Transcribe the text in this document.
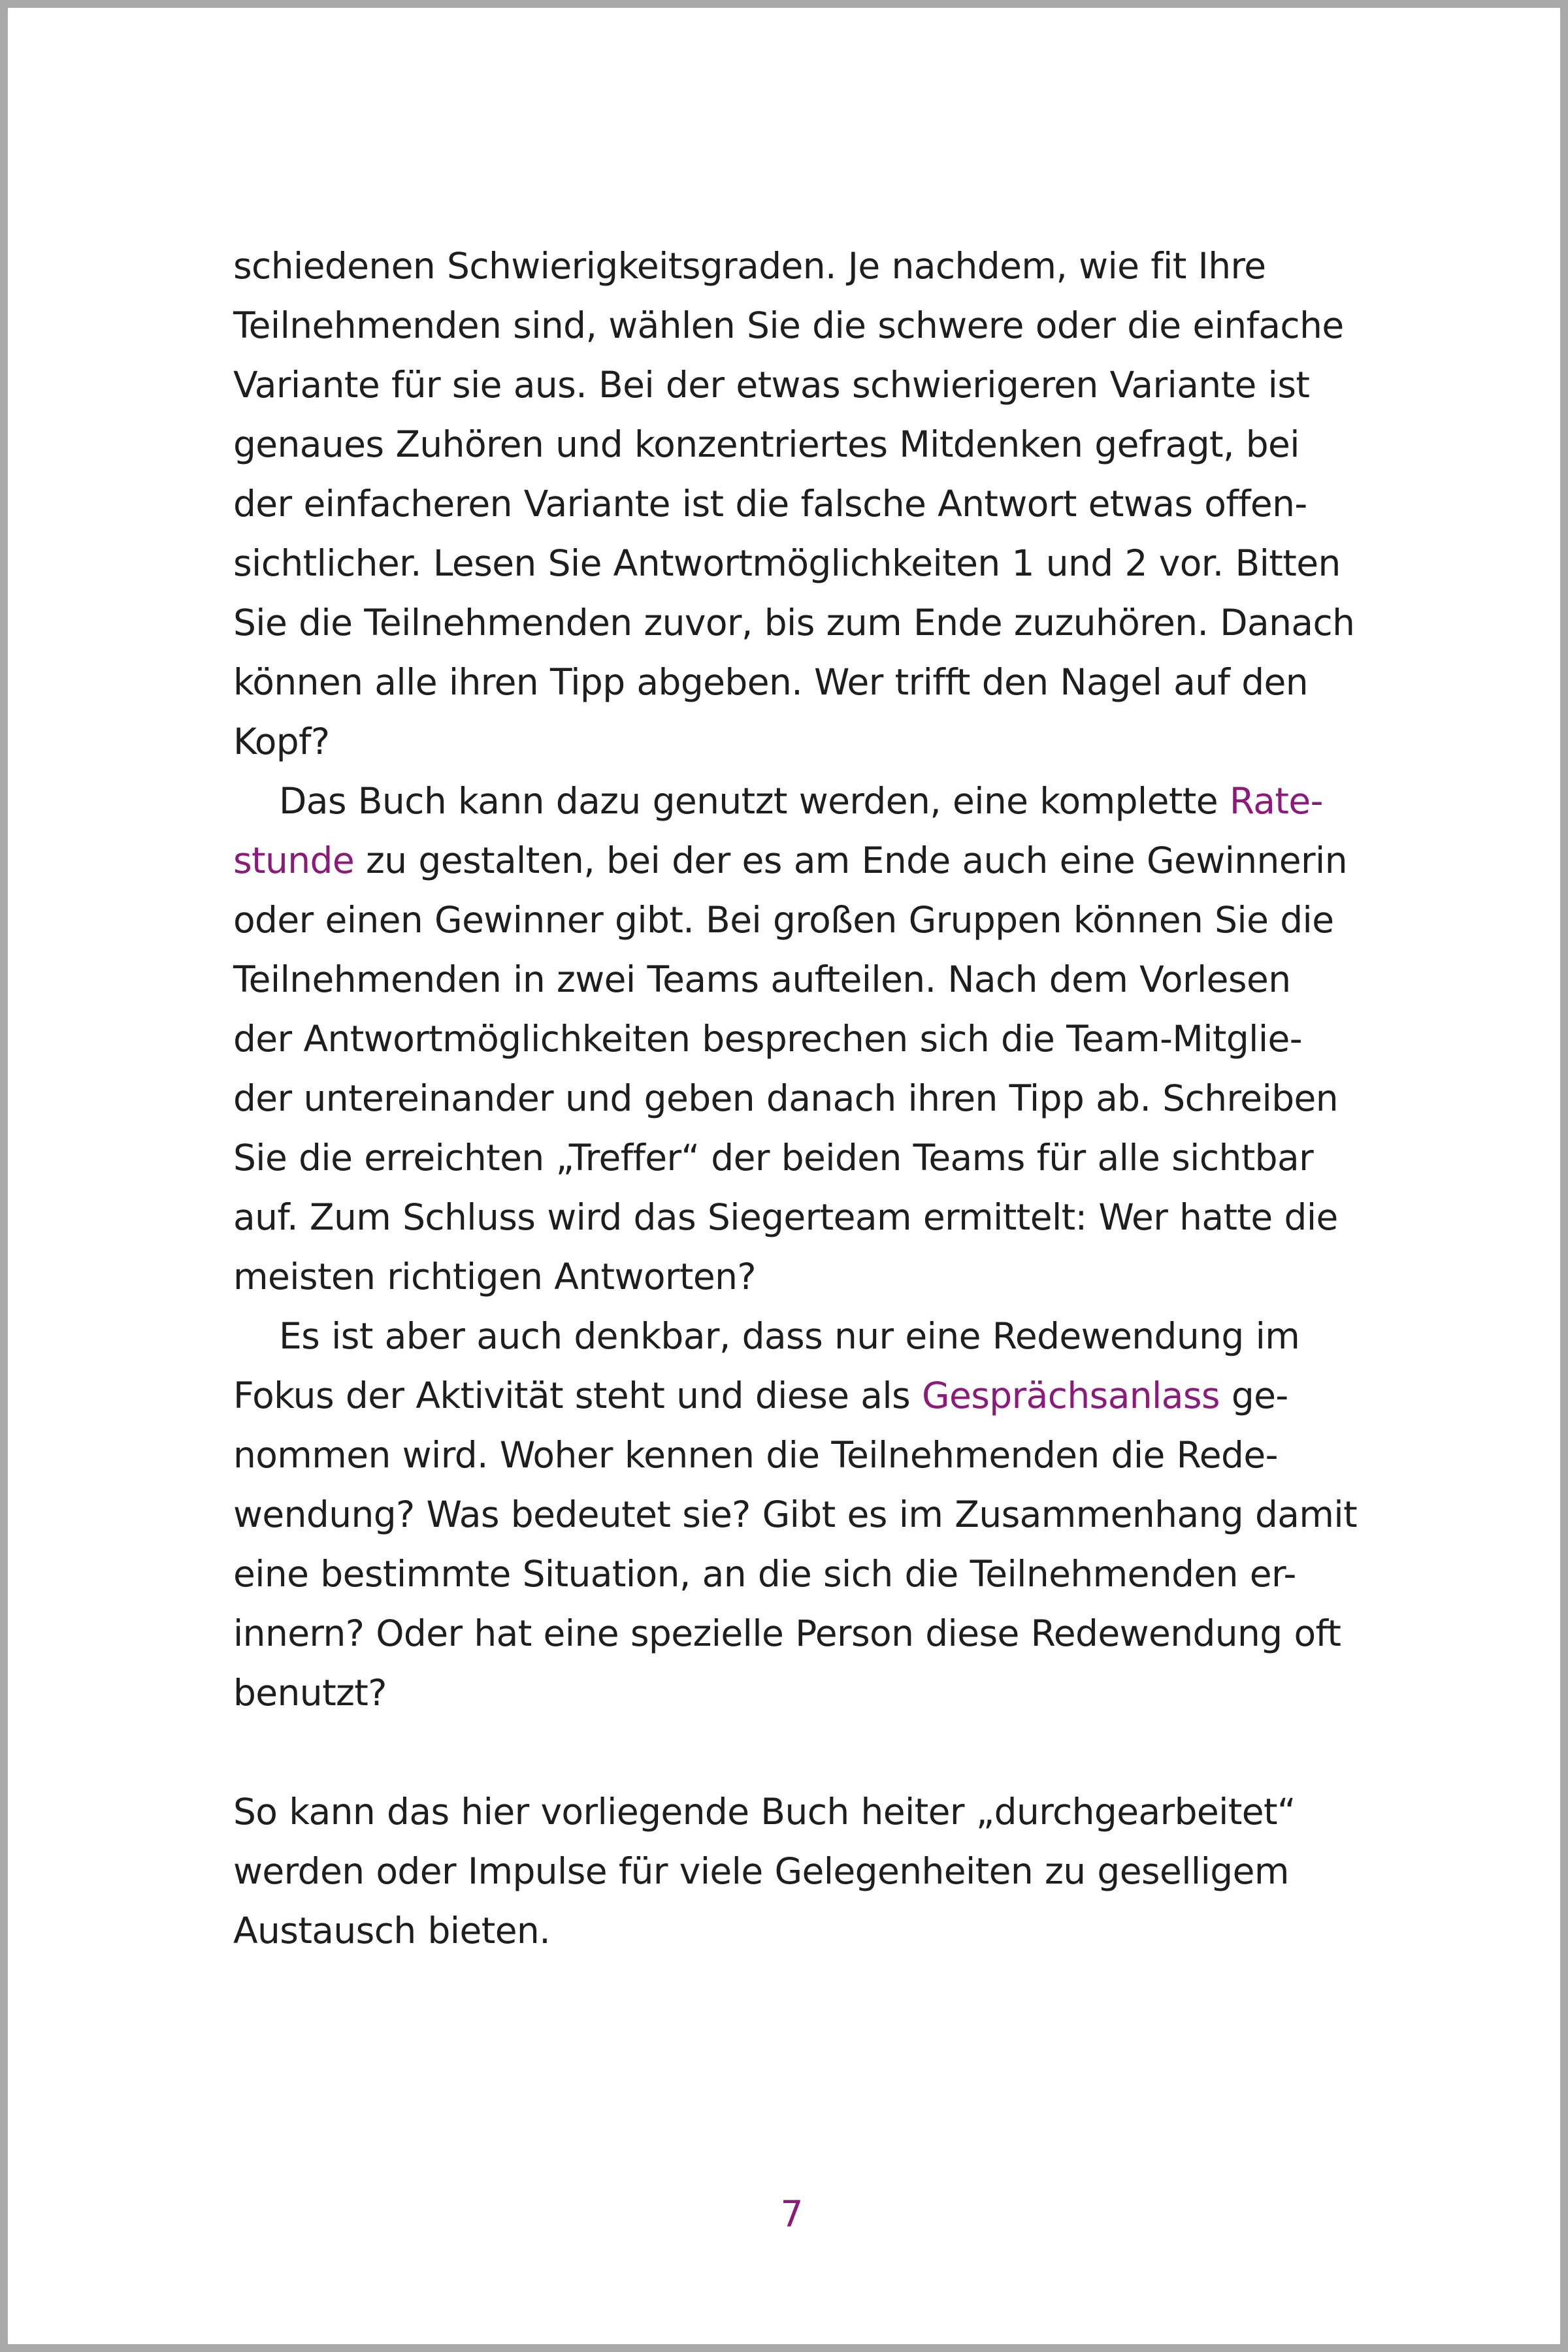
schiedenen Schwierigkeitsgraden. Je nachdem, wie fit Ihre
Teilnehmenden sind, wählen Sie die schwere oder die einfache
Variante für sie aus. Bei der etwas schwierigeren Variante ist
genaues Zuhören und konzentriertes Mitdenken gefragt, bei
der einfacheren Variante ist die falsche Antwort etwas offen-
sichtlicher. Lesen Sie Antwortmöglichkeiten 1 und 2 vor. Bitten
Sie die Teilnehmenden zuvor, bis zum Ende zuzuhören. Danach
können alle ihren Tipp abgeben. Wer trifft den Nagel auf den
Kopf?
Das Buch kann dazu genutzt werden, eine komplette Rate-
stunde zu gestalten, bei der es am Ende auch eine Gewinnerin
oder einen Gewinner gibt. Bei großen Gruppen können Sie die
Teilnehmenden in zwei Teams aufteilen. Nach dem Vorlesen
der Antwortmöglichkeiten besprechen sich die Team-Mitglie-
der untereinander und geben danach ihren Tipp ab. Schreiben
Sie die erreichten „Treffer“ der beiden Teams für alle sichtbar
auf. Zum Schluss wird das Siegerteam ermittelt: Wer hatte die
meisten richtigen Antworten?
Es ist aber auch denkbar, dass nur eine Redewendung im
Fokus der Aktivität steht und diese als Gesprächsanlass ge-
nommen wird. Woher kennen die Teilnehmenden die Rede-
wendung? Was bedeutet sie? Gibt es im Zusammenhang damit
eine bestimmte Situation, an die sich die Teilnehmenden er-
innern? Oder hat eine spezielle Person diese Redewendung oft
benutzt?
So kann das hier vorliegende Buch heiter „durchgearbeitet“
werden oder Impulse für viele Gelegenheiten zu geselligem
Austausch bieten.
7
